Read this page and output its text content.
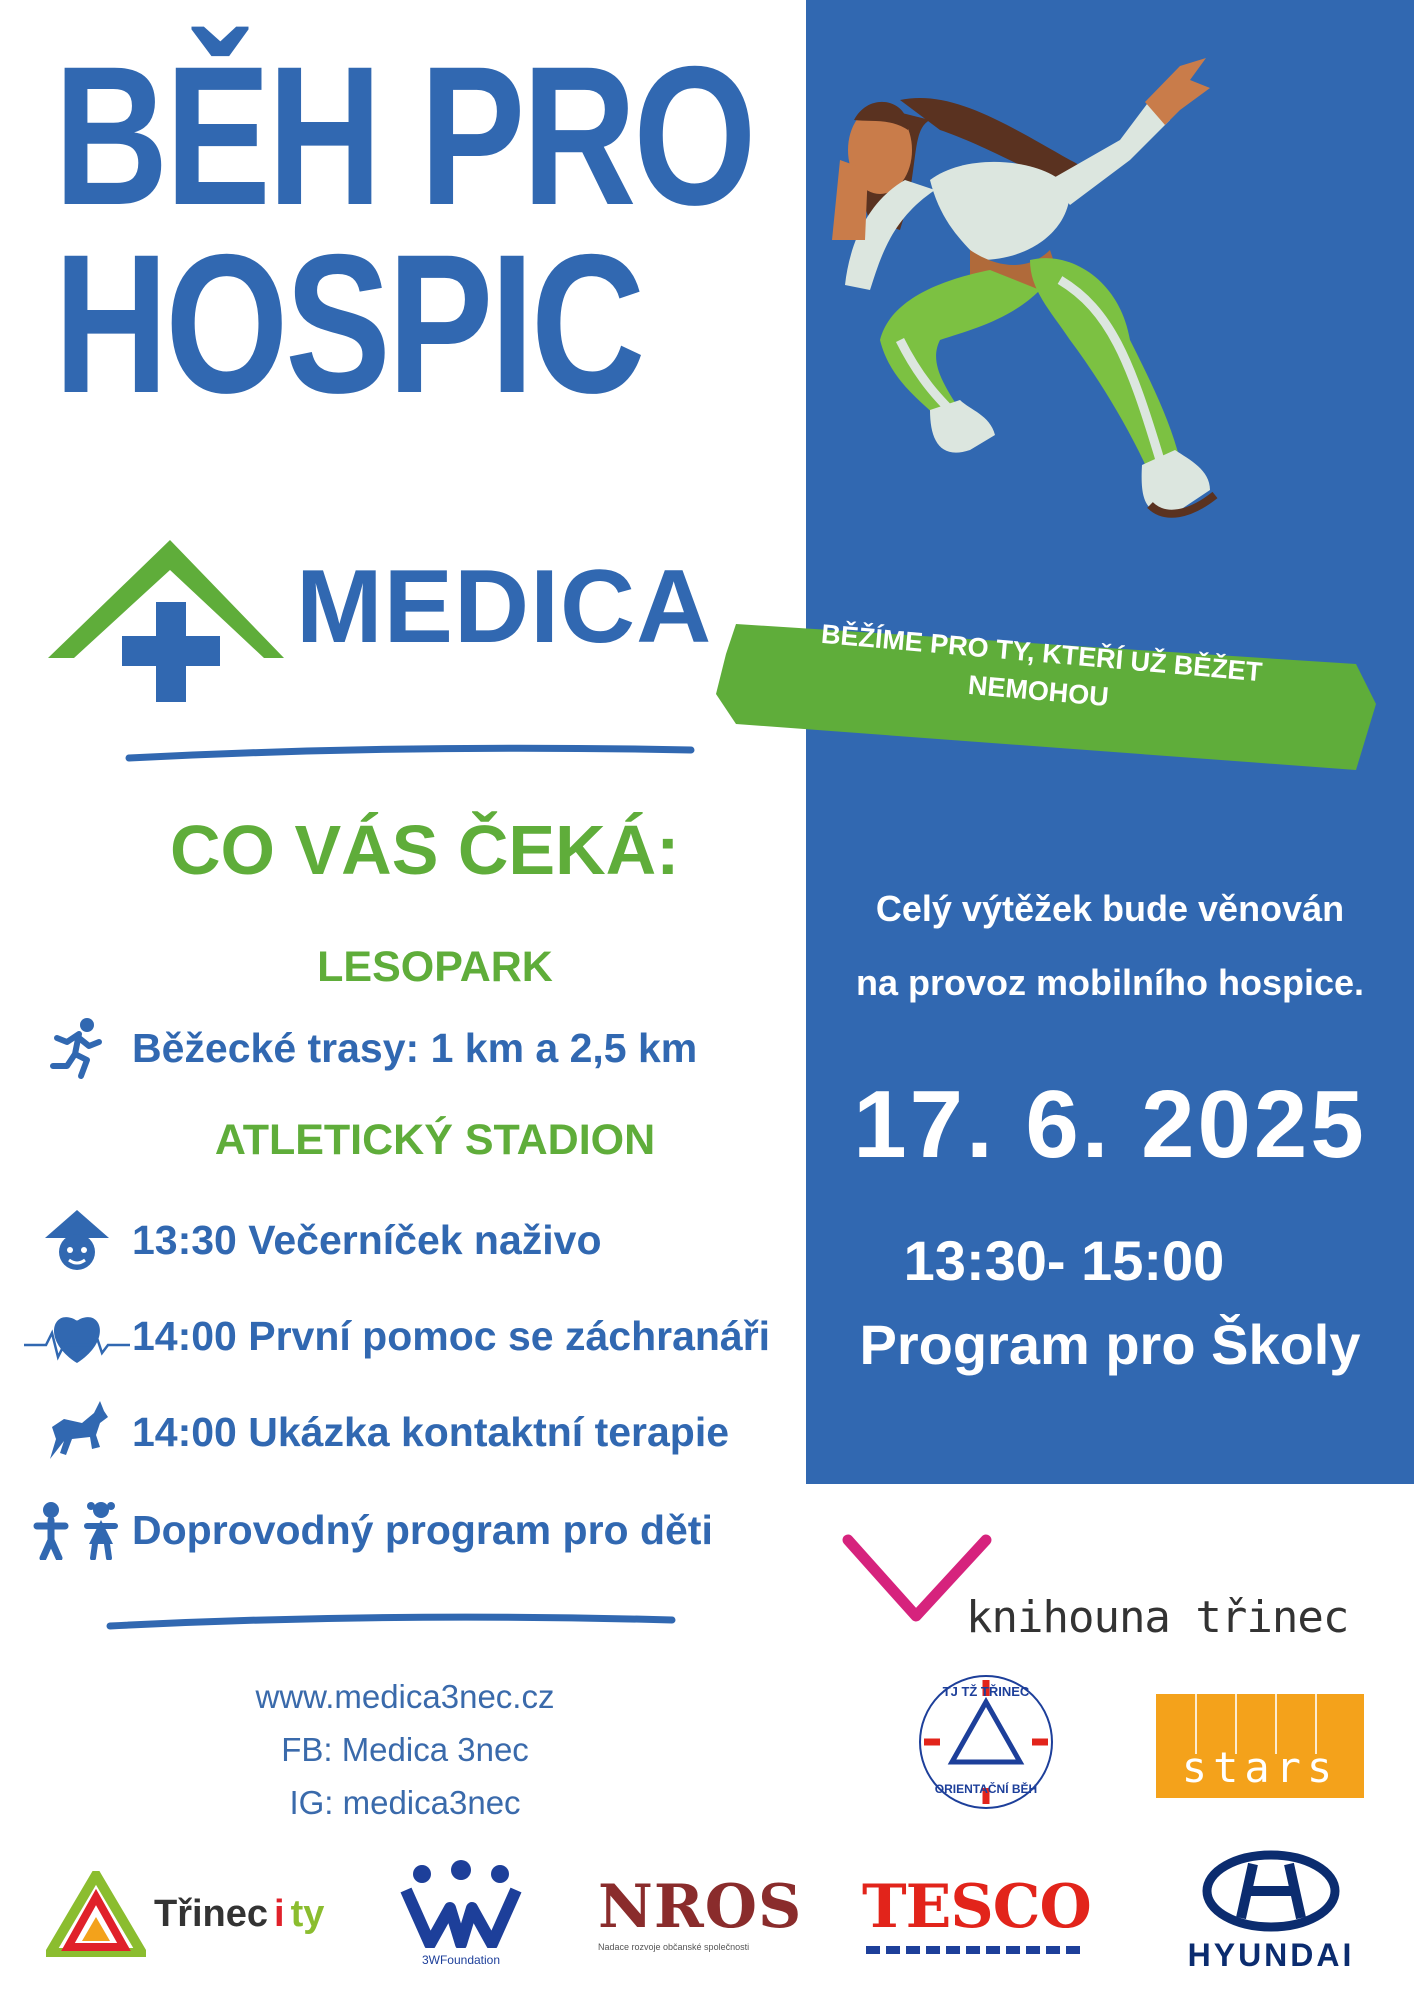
BĚH PRO
HOSPIC
MEDICA
CO VÁS ČEKÁ:
LESOPARK
Běžecké trasy: 1 km a 2,5 km
ATLETICKÝ STADION
13:30 Večerníček naživo
14:00 První pomoc se záchranáři
14:00 Ukázka kontaktní terapie
Doprovodný program pro děti
www.medica3nec.cz
FB: Medica 3nec
IG: medica3nec
BĚŽÍME PRO TY, KTEŘÍ UŽ BĚŽET NEMOHOU
Celý výtěžek bude věnován
na provoz mobilního hospice.
17. 6. 2025
13:30- 15:00
Program pro Školy
knihouna třinec
TJ TŽ TŘINEC
ORIENTAČNÍ BĚH	stars
Třinec i ty
3WFoundation
NROS
Nadace rozvoje občanské společnosti
TESCO
HYUNDAI
